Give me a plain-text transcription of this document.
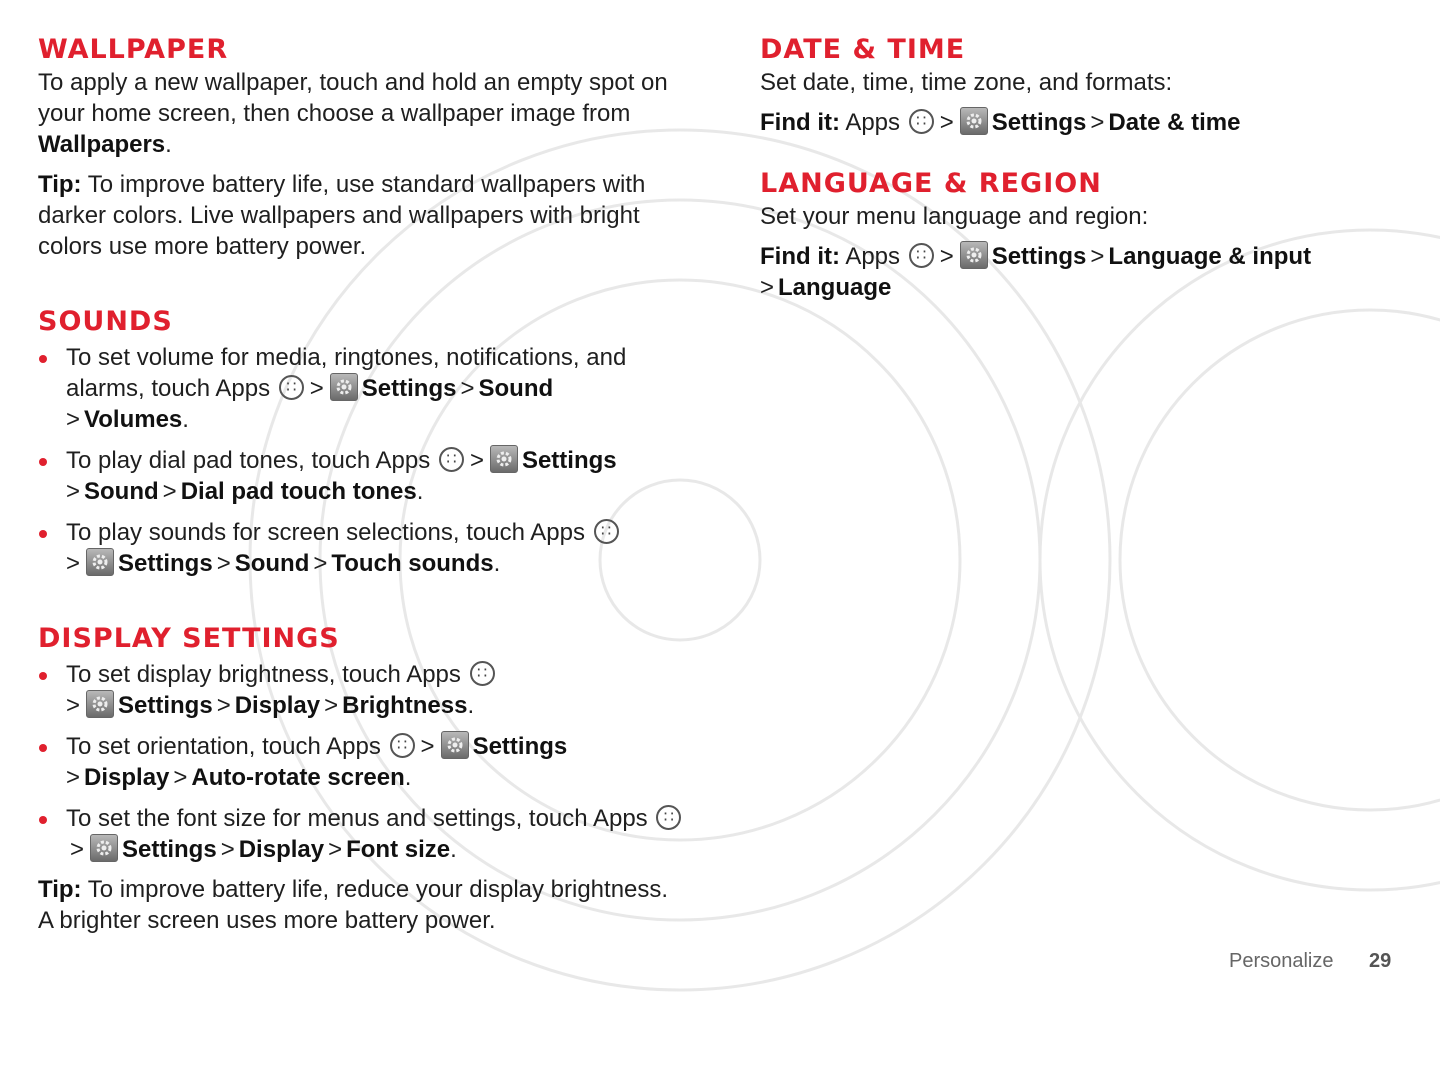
WALLPAPER

To apply a new wallpaper, touch and hold an empty spot on your home screen, then choose a wallpaper image from Wallpapers.

Tip: To improve battery life, use standard wallpapers with darker colors. Live wallpapers and wallpapers with bright colors use more battery power.

SOUNDS
To set volume for media, ringtones, notifications, and alarms, touch Apps ∷ > Settings > Sound
> Volumes.
To play dial pad tones, touch Apps ∷ > Settings
> Sound > Dial pad touch tones.
To play sounds for screen selections, touch Apps ∷
> Settings > Sound > Touch sounds.
DISPLAY SETTINGS
To set display brightness, touch Apps ∷
> Settings > Display > Brightness.
To set orientation, touch Apps ∷ > Settings
> Display > Auto-rotate screen.
To set the font size for menus and settings, touch Apps ∷> Settings > Display > Font size.

Tip: To improve battery life, reduce your display brightness. A brighter screen uses more battery power.

DATE & TIME

Set date, time, time zone, and formats:

Find it: Apps ∷ > Settings > Date & time

LANGUAGE & REGION

Set your menu language and region:

Find it: Apps ∷ > Settings > Language & input
> Language

Personalize 29
